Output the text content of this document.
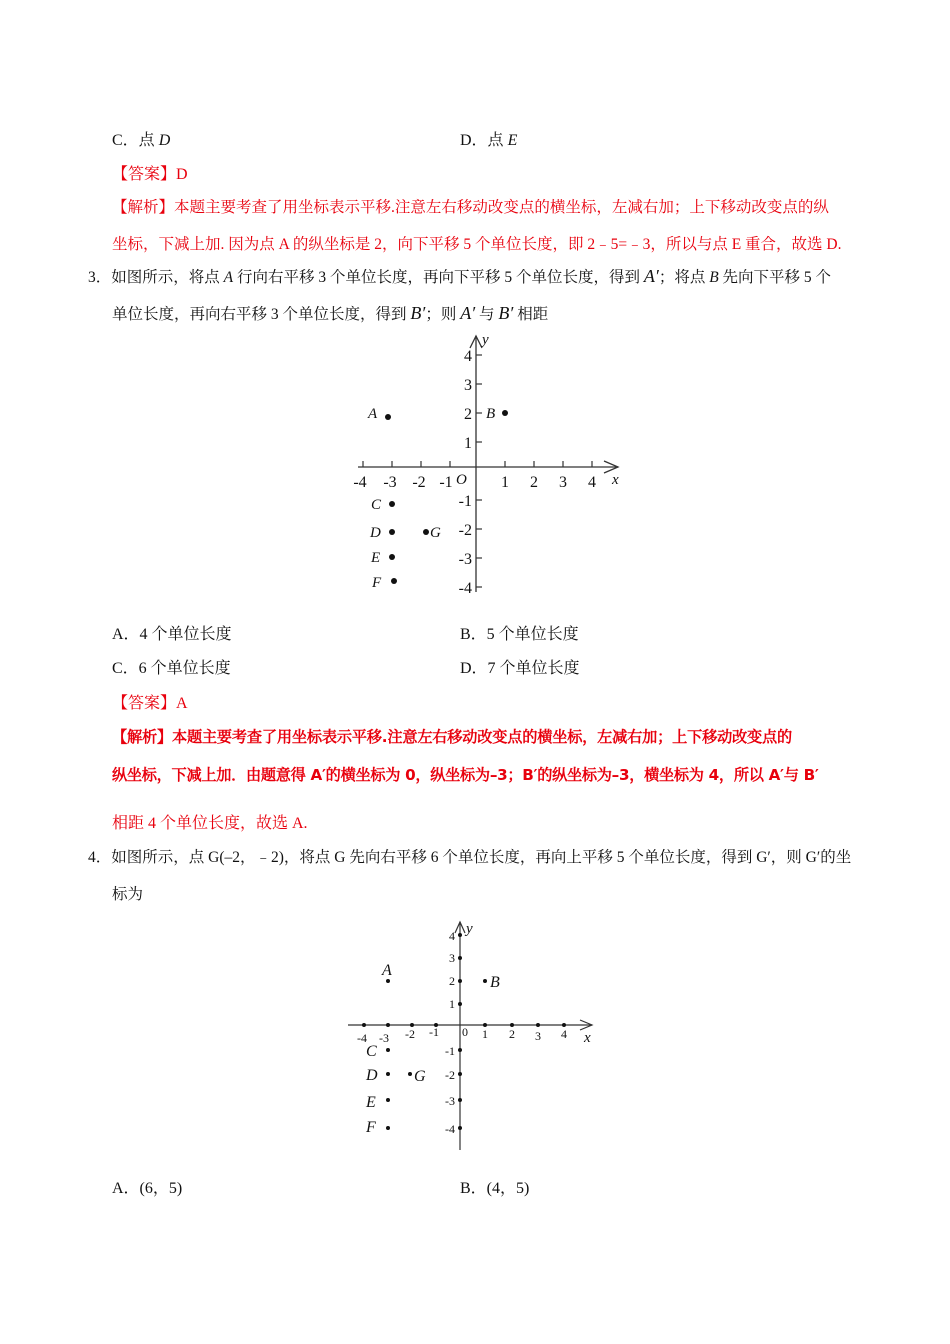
C．点 D	D．点 E
【答案】D
【解析】本题主要考查了用坐标表示平移.注意左右移动改变点的横坐标，左减右加；上下移动改变点的纵
坐标，下减上加. 因为点 A 的纵坐标是 2，向下平移 5 个单位长度，即 2﹣5=﹣3，所以与点 E 重合，故选 D.
3．如图所示，将点 A 行向右平移 3 个单位长度，再向下平移 5 个单位长度，得到 A′；将点 B 先向下平移 5 个
单位长度，再向右平移 3 个单位长度，得到 B′；则 A′ 与 B′ 相距
-4 -3 -2 -1	1 2 3 4
O	x
y
4
3
2
1
-1
-2
-3
-4
A	B
C
D
E
F
G
A．4 个单位长度	B．5 个单位长度
C．6 个单位长度	D．7 个单位长度
【答案】A
【解析】本题主要考查了用坐标表示平移.注意左右移动改变点的横坐标，左减右加；上下移动改变点的
纵坐标，下减上加．由题意得 A′的横坐标为 0，纵坐标为–3；B′的纵坐标为–3，横坐标为 4，所以 A′与 B′
相距 4 个单位长度，故选 A.
4．如图所示，点 G(–2，﹣2)，将点 G 先向右平移 6 个单位长度，再向上平移 5 个单位长度，得到 G′，则 G′的坐
标为
-4 -3 -2 -1	1 2 3 4
0	x
y
4
3
2
1
-1
-2
-3
-4
A
B
C
D
E
F
G
A．(6，5)	B．(4，5)
